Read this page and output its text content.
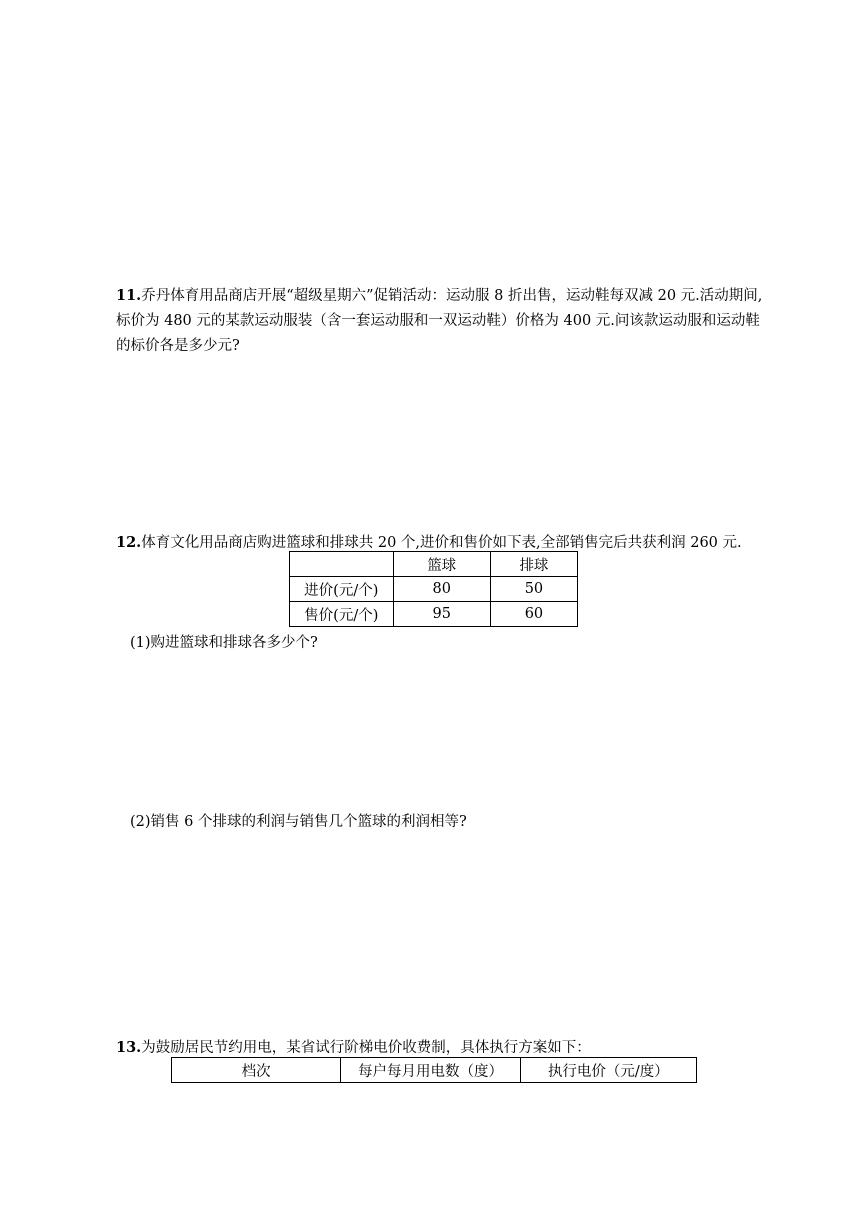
11.乔丹体育用品商店开展“超级星期六”促销活动：运动服 8 折出售，运动鞋每双减 20 元.活动期间,标价为 480 元的某款运动服装（含一套运动服和一双运动鞋）价格为 400 元.问该款运动服和运动鞋的标价各是多少元?
12.体育文化用品商店购进篮球和排球共 20 个,进价和售价如下表,全部销售完后共获利润 260 元.
	篮球	排球
进价(元/个)	80	50
售价(元/个)	95	60
(1)购进篮球和排球各多少个?
(2)销售 6 个排球的利润与销售几个篮球的利润相等?
13.为鼓励居民节约用电，某省试行阶梯电价收费制，具体执行方案如下：
档次	每户每月用电数（度）	执行电价（元/度）
